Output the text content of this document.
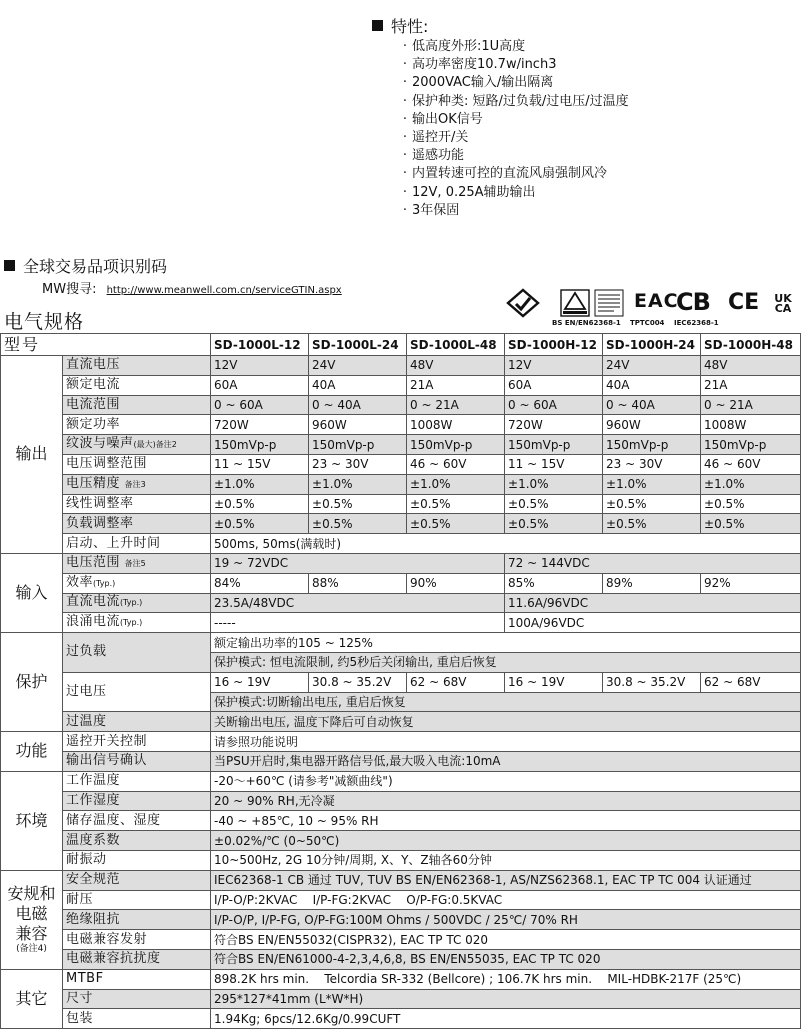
特性:
· 低高度外形:1U高度
· 高功率密度10.7w/inch3
· 2000VAC输入/输出隔离
· 保护种类: 短路/过负载/过电压/过温度
· 输出OK信号
· 遥控开/关
· 遥感功能
· 内置转速可控的直流风扇强制风冷
· 12V, 0.25A辅助输出
· 3年保固
全球交易品项识别码
MW搜寻: http://www.meanwell.com.cn/serviceGTIN.aspx
电气规格	BS EN/EN62368-1
EAC
TPTC004
CB
IEC62368-1
CE	UK
CA
型号		SD-1000L-12	SD-1000L-24	SD-1000L-48	SD-1000H-12	SD-1000H-24	SD-1000H-48
输出	直流电压	12V	24V	48V	12V	24V	48V
	额定电流	60A	40A	21A	60A	40A	21A
	电流范围	0 ~ 60A	0 ~ 40A	0 ~ 21A	0 ~ 60A	0 ~ 40A	0 ~ 21A
	额定功率	720W	960W	1008W	720W	960W	1008W
	纹波与噪声(最大)备注2	150mVp-p	150mVp-p	150mVp-p	150mVp-p	150mVp-p	150mVp-p
	电压调整范围	11 ~ 15V	23 ~ 30V	46 ~ 60V	11 ~ 15V	23 ~ 30V	46 ~ 60V
	电压精度 备注3	±1.0%	±1.0%	±1.0%	±1.0%	±1.0%	±1.0%
	线性调整率	±0.5%	±0.5%	±0.5%	±0.5%	±0.5%	±0.5%
	负载调整率	±0.5%	±0.5%	±0.5%	±0.5%	±0.5%	±0.5%
	启动、上升时间	500ms, 50ms(满载时)					
输入	电压范围 备注5	19 ~ 72VDC			72 ~ 144VDC		
	效率(Typ.)	84%	88%	90%	85%	89%	92%
	直流电流(Typ.)	23.5A/48VDC			11.6A/96VDC		
	浪涌电流(Typ.)	-----			100A/96VDC		
保护	过负载	额定输出功率的105 ~ 125%					
		保护模式: 恒电流限制, 约5秒后关闭输出, 重启后恢复					
	过电压	16 ~ 19V	30.8 ~ 35.2V	62 ~ 68V	16 ~ 19V	30.8 ~ 35.2V	62 ~ 68V
		保护模式:切断输出电压, 重启后恢复					
	过温度	关断输出电压, 温度下降后可自动恢复					
功能	遥控开关控制	请参照功能说明					
	输出信号确认	当PSU开启时,集电器开路信号低,最大吸入电流:10mA					
环境	工作温度	-20～+60℃ (请参考"减额曲线")					
	工作湿度	20 ~ 90% RH,无冷凝					
	储存温度、湿度	-40 ~ +85℃, 10 ~ 95% RH					
	温度系数	±0.02%/℃ (0~50℃)					
	耐振动	10~500Hz, 2G 10分钟/周期, X、Y、Z轴各60分钟					

安规和
电磁
兼容
(备注4)	安全规范	IEC62368-1 CB 通过 TUV, TUV BS EN/EN62368-1, AS/NZS62368.1, EAC TP TC 004 认证通过					
	耐压	I/P-O/P:2KVAC    I/P-FG:2KVAC    O/P-FG:0.5KVAC					
	绝缘阻抗	I/P-O/P, I/P-FG, O/P-FG:100M Ohms / 500VDC / 25℃/ 70% RH					
	电磁兼容发射	符合BS EN/EN55032(CISPR32), EAC TP TC 020					
	电磁兼容抗扰度	符合BS EN/EN61000-4-2,3,4,6,8, BS EN/EN55035, EAC TP TC 020					
其它	MTBF	898.2K hrs min.    Telcordia SR-332 (Bellcore) ; 106.7K hrs min.    MIL-HDBK-217F (25℃)					
	尺寸	295*127*41mm (L*W*H)					
	包装	1.94Kg; 6pcs/12.6Kg/0.99CUFT					
